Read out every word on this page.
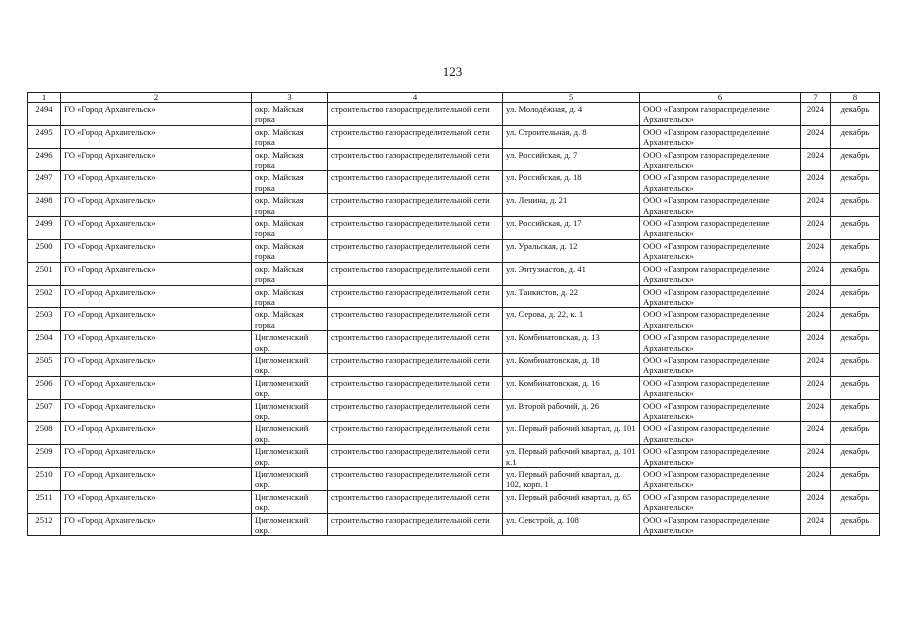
123
1	2	3	4	5	6	7	8
2494	ГО «Город Архангельск»	окр. Майская горка	строительство газораспределительной сети	ул. Молодёжная, д. 4	ООО «Газпром газораспределение Архангельск»	2024	декабрь
2495	ГО «Город Архангельск»	окр. Майская горка	строительство газораспределительной сети	ул. Строительная, д. 8	ООО «Газпром газораспределение Архангельск»	2024	декабрь
2496	ГО «Город Архангельск»	окр. Майская горка	строительство газораспределительной сети	ул. Российская, д. 7	ООО «Газпром газораспределение Архангельск»	2024	декабрь
2497	ГО «Город Архангельск»	окр. Майская горка	строительство газораспределительной сети	ул. Российская, д. 18	ООО «Газпром газораспределение Архангельск»	2024	декабрь
2498	ГО «Город Архангельск»	окр. Майская горка	строительство газораспределительной сети	ул. Ленина, д. 21	ООО «Газпром газораспределение Архангельск»	2024	декабрь
2499	ГО «Город Архангельск»	окр. Майская горка	строительство газораспределительной сети	ул. Российская, д. 17	ООО «Газпром газораспределение Архангельск»	2024	декабрь
2500	ГО «Город Архангельск»	окр. Майская горка	строительство газораспределительной сети	ул. Уральская, д. 12	ООО «Газпром газораспределение Архангельск»	2024	декабрь
2501	ГО «Город Архангельск»	окр. Майская горка	строительство газораспределительной сети	ул. Энтузиастов, д. 41	ООО «Газпром газораспределение Архангельск»	2024	декабрь
2502	ГО «Город Архангельск»	окр. Майская горка	строительство газораспределительной сети	ул. Танкистов, д. 22	ООО «Газпром газораспределение Архангельск»	2024	декабрь
2503	ГО «Город Архангельск»	окр. Майская горка	строительство газораспределительной сети	ул. Серова, д. 22, к. 1	ООО «Газпром газораспределение Архангельск»	2024	декабрь
2504	ГО «Город Архангельск»	Цигломенский окр.	строительство газораспределительной сети	ул. Комбинатовская, д. 13	ООО «Газпром газораспределение Архангельск»	2024	декабрь
2505	ГО «Город Архангельск»	Цигломенский окр.	строительство газораспределительной сети	ул. Комбинатовская, д. 18	ООО «Газпром газораспределение Архангельск»	2024	декабрь
2506	ГО «Город Архангельск»	Цигломенский окр.	строительство газораспределительной сети	ул. Комбинатовская, д. 16	ООО «Газпром газораспределение Архангельск»	2024	декабрь
2507	ГО «Город Архангельск»	Цигломенский окр.	строительство газораспределительной сети	ул. Второй рабочий, д. 26	ООО «Газпром газораспределение Архангельск»	2024	декабрь
2508	ГО «Город Архангельск»	Цигломенский окр.	строительство газораспределительной сети	ул. Первый рабочий квартал, д. 101	ООО «Газпром газораспределение Архангельск»	2024	декабрь
2509	ГО «Город Архангельск»	Цигломенский окр.	строительство газораспределительной сети	ул. Первый рабочий квартал, д. 101 к.1	ООО «Газпром газораспределение Архангельск»	2024	декабрь
2510	ГО «Город Архангельск»	Цигломенский окр.	строительство газораспределительной сети	ул. Первый рабочий квартал, д. 102, корп. 1	ООО «Газпром газораспределение Архангельск»	2024	декабрь
2511	ГО «Город Архангельск»	Цигломенский окр.	строительство газораспределительной сети	ул. Первый рабочий квартал, д. 65	ООО «Газпром газораспределение Архангельск»	2024	декабрь
2512	ГО «Город Архангельск»	Цигломенский окр.	строительство газораспределительной сети	ул. Севстрой, д. 108	ООО «Газпром газораспределение Архангельск»	2024	декабрь
